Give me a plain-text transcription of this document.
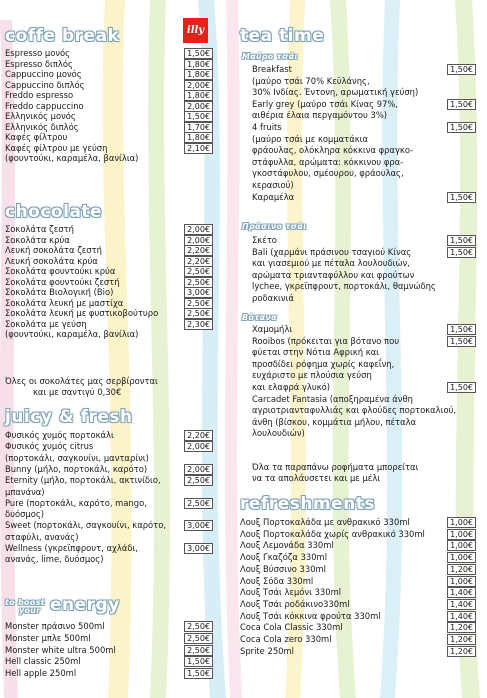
illy
coffe break
Espresso μονός	1,50€
Espresso διπλός	1,80€
Cappuccino μονός	1,80€
Cappuccino διπλός	2,00€
Freddo espresso	1,80€
Freddo cappuccino	2,00€
Ελληνικός μονός	1,50€
Ελληνικός διπλός	1,70€
Καφές φίλτρου	1,80€
Καφές φίλτρου με γεύση	2,10€
(φουντούκι, καραμέλα, βανίλια)
chocolate
Σοκολάτα ζεστή	2,00€
Σοκολάτα κρύα	2,00€
Λευκή σοκολάτα ζεστή	2,20€
Λευκή σοκολάτα κρύα	2,20€
Σοκολάτα φουντούκι κρύα	2,50€
Σοκολάτα φουντούκι ζεστή	2,50€
Σοκολάτα Βιολογική (Bio)	3,00€
Σοκολάτα λευκή με μαστίχα	2,50€
Σοκολάτα λευκή με φυστικοβούτυρο	2,50€
Σοκολάτα με γεύση	2,30€
(φουντούκι, καραμέλα, βανίλια)
Όλες οι σοκολάτες μας σερβίρονται
και με σαντιγύ 0,30€
juicy & fresh
Φυσικός χυμός πορτοκάλι	2,20€
Φυσικός χυμός citrus	2,00€
(πορτοκάλι, σαγκουίνι, μανταρίνι)
Bunny (μήλο, πορτοκάλι, καρότο)	2,00€
Eternity (μήλο, πορτοκάλι, ακτινίδιο,	2,50€
μπανάνα)
Pure (πορτοκάλι, καρότο, mango,	2,50€
δυόσμος)
Sweet (πορτοκάλι, σαγκουίνι, καρότο,	3,00€
σταφύλι, ανανάς)
Wellness (γκρεϊπφρουτ, αχλάδι,	3,00€
ανανάς, lime, δυόσμος)
to boost
your energy
Monster πράσινο 500ml	2,50€
Monster μπλε 500ml	2,50€
Monster white ultra 500ml	2,50€
Hell classic 250ml	1,50€
Hell apple 250ml	1,50€
tea time
Μαύρο τσάι
Breakfast	1,50€
(μαύρο τσάι 70% Κεϋλάνης,
30% Ινδίας. Έντονη, αρωματική γεύση)
Early grey (μαύρο τσάι Κίνας 97%,	1,50€
αιθέρια έλαια περγαμόντου 3%)
4 fruits	1,50€
(μαύρο τσάι με κομματάκια
φράουλας, ολόκληρα κόκκινα φραγκο-
στάφυλλα, αρώματα: κόκκινου φρα-
γκοστάφυλου, σμέουρου, φράουλας,
κερασιού)
Καραμέλα	1,50€
Πράσινο τσάι
Σκέτο	1,50€
Bali (χαρμάνι πράσινου τσαγιού Κίνας	1,50€
και γιασεμιού με πέταλα λουλουδιών,
αρώματα τριανταφύλλου και φρούτων
lychee, γκρεϊπφρουτ, πορτοκάλι, θαμνώδης
ροδακινιά
Βότανα
Χαμομήλι	1,50€
Rooibos (πρόκειται για βότανο που	1,50€
φύεται στην Νότια Αφρική και
προσδίδει ρόφημα χωρίς καφεΐνη,
ευχάριστο με πλούσια γεύση
και ελαφρά γλυκό)	1,50€
Carcadet Fantasia (αποξηραμένα άνθη
αγριοτριανταφυλλιάς και φλούδες πορτοκαλιού,
άνθη (βίσκου, κομμάτια μήλου, πέταλα
λουλουδιών)
Όλα τα παραπάνω ροφήματα μπορείται
να τα απολάυσετει και με μέλι
refreshments
Λουξ Πορτοκαλάδα με ανθρακικό 330ml	1,00€
Λουξ Πορτοκαλάδα χωρίς ανθρακικό 330ml	1,00€
Λουξ Λεμονάδα 330ml	1,00€
Λουξ Γκαζόζα 330ml	1,00€
Λουξ Βύσσινο 330ml	1,20€
Λουξ Σόδα 330ml	1,00€
Λουξ Τσάι λεμόνι 330ml	1,40€
Λουξ Τσάι ροδάκινο330ml	1,40€
Λουξ Τσάι κόκκινα φρούτα 330ml	1,40€
Coca Cola Classic 330ml	1,20€
Coca Cola zero 330ml	1,20€
Sprite 250ml	1,20€
